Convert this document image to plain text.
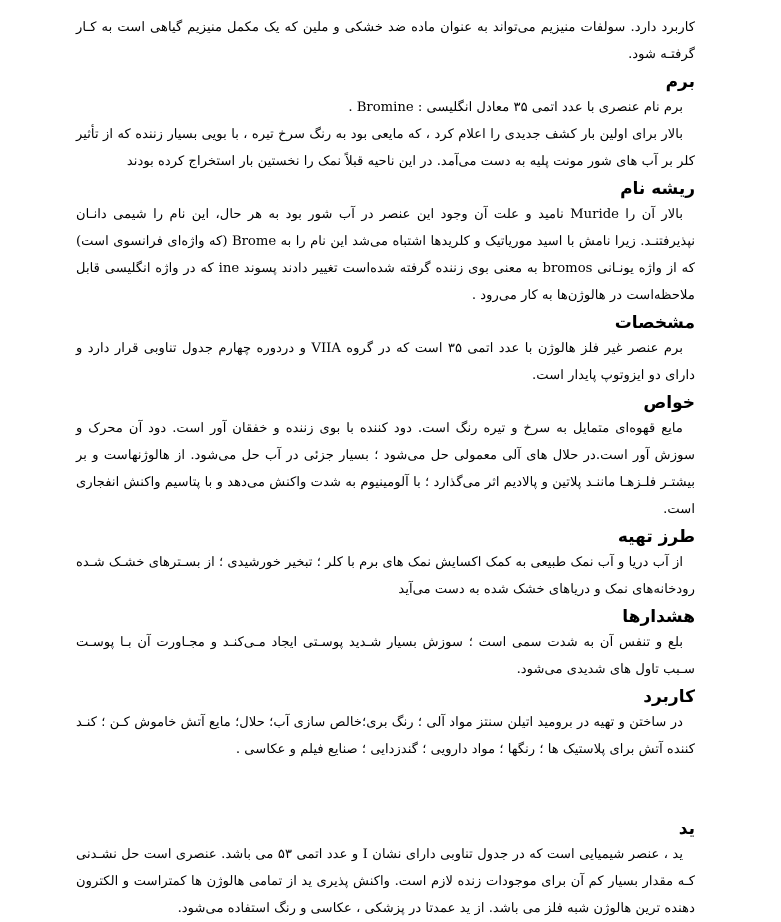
کاربرد دارد. سولفات منیزیم می‌تواند به عنوان ماده ضد خشکی و ملین که یک مکمل منیزیم گیاهی است به کـار گرفتـه شود.

برم

برم نام عنصری با عدد اتمی ۳۵ معادل انگلیسی : Bromine .

بالار برای اولین بار کشف جدیدی را اعلام کرد ، که مایعی بود به رنگ سرخ تیره ، با بویی بسیار زننده که از تأثیر کلر بر آب های شور مونت پلیه به دست می‌آمد. در این ناحیه قبلاً نمک را نخستین بار استخراج کرده بودند

ریشه نام

بالار آن را Muride نامید و علت آن وجود این عنصر در آب شور بود به هر حال، این نام را شیمی دانـان نپذیرفتنـد. زیرا نامش با اسید موریاتیک و کلریدها اشتباه می‌شد این نام را به Brome (که واژه‌ای فرانسوی است) که از واژه یونـانی bromos به معنی بوی زننده گرفته شده‌است تغییر دادند پسوند ine که در واژه انگلیسی قابل ملاحظه‌است در هالوژن‌ها به کار می‌رود .

مشخصات

برم عنصر غیر فلز هالوژن با عدد اتمی ۳۵ است که در گروه VIIA و دردوره چهارم جدول تناوبی قرار دارد و دارای دو ایزوتوپ پایدار است.

خواص

مایع قهوه‌ای متمایل به سرخ و تیره رنگ است. دود کننده با بوی زننده و خفقان آور است. دود آن محرک و سوزش آور است.در حلال های آلی معمولی حل می‌شود ؛ بسیار جزئی در آب حل می‌شود. از هالوژنهاست و بر بیشتـر فلـزهـا ماننـد پلاتین و پالادیم اثر می‌گذارد ؛ با آلومینیوم به شدت واکنش می‌دهد و با پتاسیم واکنش انفجاری است.

طرز تهیه

از آب دریا و آب نمک طبیعی به کمک اکسایش نمک های برم با کلر ؛ تبخیر خورشیدی ؛ از بسـترهای خشـک شـده رودخانه‌های نمک و دریاهای خشک شده به دست می‌آید

هشدارها

بلع و تنفس آن به شدت سمی است ؛ سوزش بسیار شـدید پوسـتی ایجاد مـی‌کنـد و مجـاورت آن بـا پوسـت سـبب تاول های شدیدی می‌شود.

کاربرد

در ساختن و تهیه در برومید اتیلن سنتز مواد آلی ؛ رنگ بری؛خالص سازی آب؛ حلال؛ مایع آتش خاموش کـن ؛ کنـد کننده آتش برای پلاستیک ها ؛ رنگها ؛ مواد دارویی ؛ گندزدایی ؛ صنایع فیلم و عکاسی .

ید

ید ، عنصر شیمیایی است که در جدول تناوبی دارای نشان I و عدد اتمی ۵۳ می باشد. عنصری است حل نشـدنی کـه مقدار بسیار کم آن برای موجودات زنده لازم است. واکنش پذیری ید از تمامی هالوژن ها کمتراست و الکترون دهنده ترین هالوژن شبه فلز می باشد. از ید عمدتا در پزشکی ، عکاسی و رنگ استفاده می‌شود.
